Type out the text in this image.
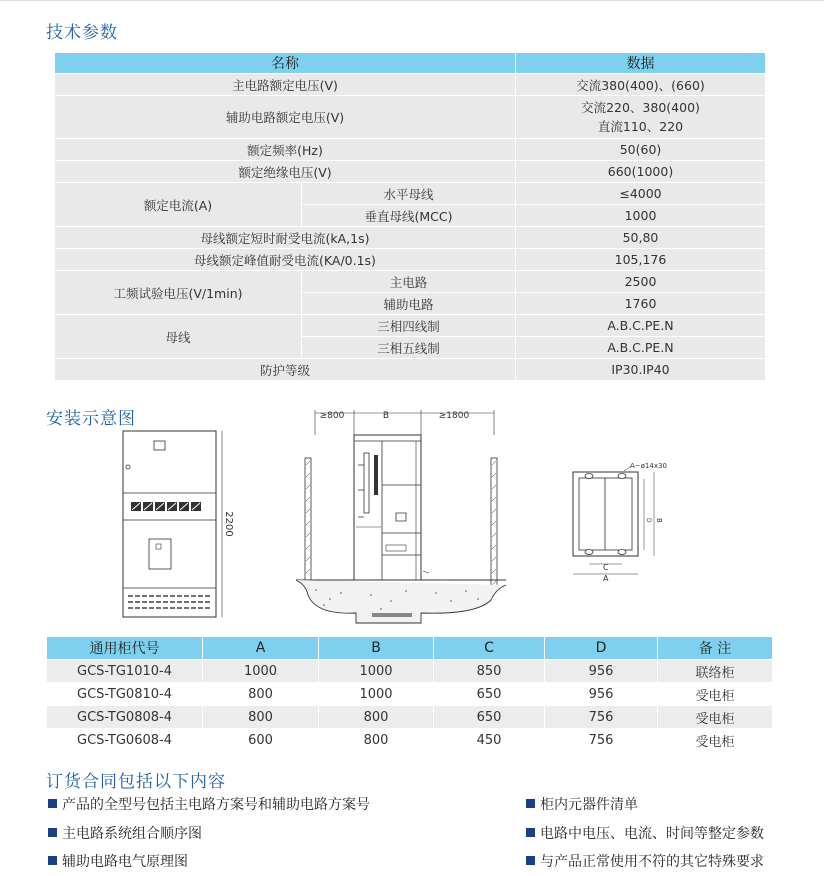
技术参数
名称		数据
主电路额定电压(V)		交流380(400)、(660)
辅助电路额定电压(V)		交流220、380(400)
直流110、220
额定频率(Hz)		50(60)
额定绝缘电压(V)		660(1000)
额定电流(A)	水平母线	≤4000
	垂直母线(MCC)	1000
母线额定短时耐受电流(kA,1s)		50,80
母线额定峰值耐受电流(KA/0.1s)		105,176
工频试验电压(V/1min)	主电路	2500
	辅助电路	1760
母线	三相四线制	A.B.C.PE.N
	三相五线制	A.B.C.PE.N
防护等级		IP30.IP40
安装示意图
2200
≥800	B	≥1800
A−ø14x30
B
D
C
A
通用柜代号	A	B	C	D	备 注
GCS-TG1010-4	1000	1000	850	956	联络柜
GCS-TG0810-4	800	1000	650	956	受电柜
GCS-TG0808-4	800	800	650	756	受电柜
GCS-TG0608-4	600	800	450	756	受电柜
订货合同包括以下内容
产品的全型号包括主电路方案号和辅助电路方案号
主电路系统组合顺序图
辅助电路电气原理图
柜内元器件清单
电路中电压、电流、时间等整定参数
与产品正常使用不符的其它特殊要求
